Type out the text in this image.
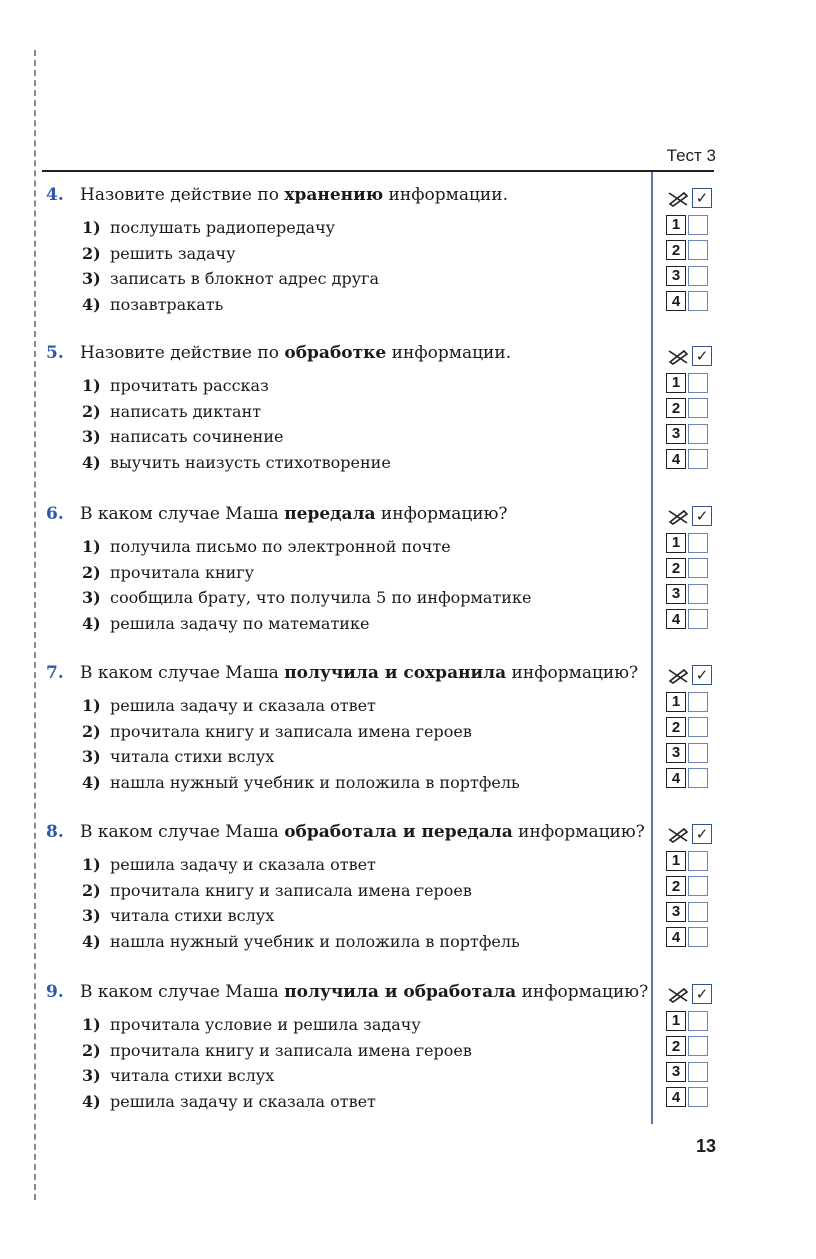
Тест 3
4. Назовите действие по хранению информации.
1) послушать радиопередачу
2) решить задачу
3) записать в блокнот адрес друга
4) позавтракать
5. Назовите действие по обработке информации.
1) прочитать рассказ
2) написать диктант
3) написать сочинение
4) выучить наизусть стихотворение
6. В каком случае Маша передала информацию?
1) получила письмо по электронной почте
2) прочитала книгу
3) сообщила брату, что получила 5 по информатике
4) решила задачу по математике
7. В каком случае Маша получила и сохранила информацию?
1) решила задачу и сказала ответ
2) прочитала книгу и записала имена героев
3) читала стихи вслух
4) нашла нужный учебник и положила в портфель
8. В каком случае Маша обработала и передала информацию?
1) решила задачу и сказала ответ
2) прочитала книгу и записала имена героев
3) читала стихи вслух
4) нашла нужный учебник и положила в портфель
9. В каком случае Маша получила и обработала информацию?
1) прочитала условие и решила задачу
2) прочитала книгу и записала имена героев
3) читала стихи вслух
4) решила задачу и сказала ответ
✓
1
2
3
4
✓
1
2
3
4
✓
1
2
3
4
✓
1
2
3
4
✓
1
2
3
4
✓
1
2
3
4
13
